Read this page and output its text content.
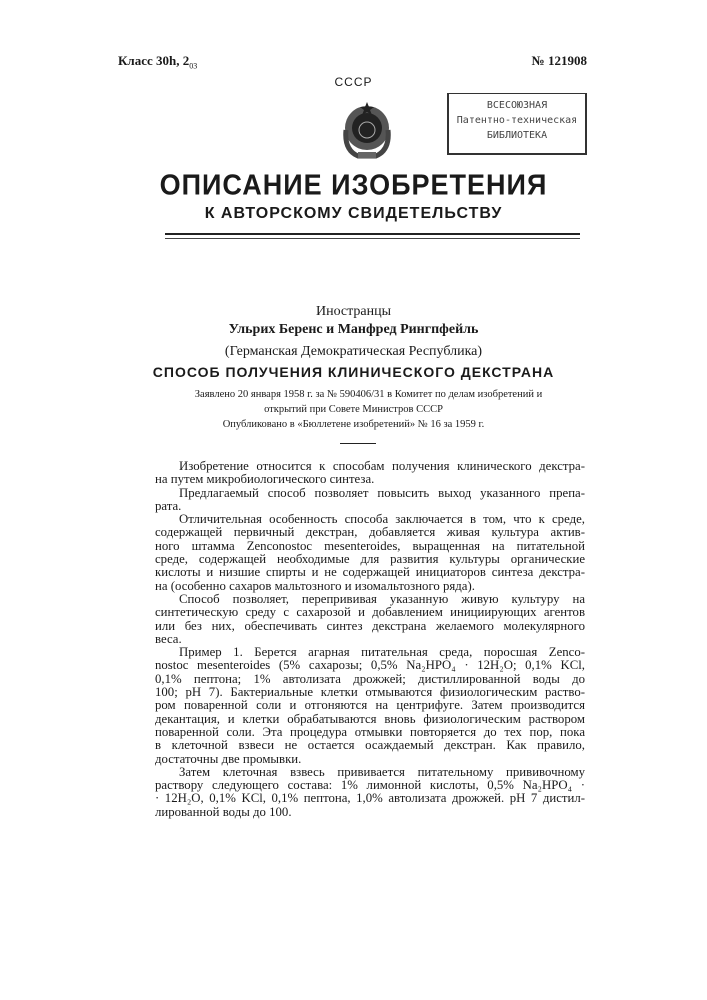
Класс 30h, 203	№ 121908
СССР
ВСЕСОЮЗНАЯ
Патентно-техническая
БИБЛИОТЕКА
ОПИСАНИЕ ИЗОБРЕТЕНИЯ
К АВТОРСКОМУ СВИДЕТЕЛЬСТВУ
Иностранцы
Ульрих Беренс и Манфред Рингпфейль
(Германская Демократическая Республика)
СПОСОБ ПОЛУЧЕНИЯ КЛИНИЧЕСКОГО ДЕКСТРАНА
Заявлено 20 января 1958 г. за № 590406/31 в Комитет по делам изобретений и
открытий при Совете Министров СССР
Опубликовано в «Бюллетене изобретений» № 16 за 1959 г.
Изобретение относится к способам получения клинического декстра-
на путем микробиологического синтеза.
Предлагаемый способ позволяет повысить выход указанного препа-
рата.
Отличительная особенность способа заключается в том, что к среде,
содержащей первичный декстран, добавляется живая культура актив-
ного штамма Zenconostoc mesenteroides, выращенная на питательной
среде, содержащей необходимые для развития культуры органические
кислоты и низшие спирты и не содержащей инициаторов синтеза декстра-
на (особенно сахаров мальтозного и изомальтозного ряда).
Способ позволяет, перепрививая указанную живую культуру на
синтетическую среду с сахарозой и добавлением инициирующих агентов
или без них, обеспечивать синтез декстрана желаемого молекулярного
веса.
Пример 1. Берется агарная питательная среда, поросшая Zenco-
nostoc mesenteroides (5% сахарозы; 0,5% Na₂HPO₄ · 12H₂O; 0,1% KCl,
0,1% пептона; 1% автолизата дрожжей; дистиллированной воды до
100; pH 7). Бактериальные клетки отмываются физиологическим раство-
ром поваренной соли и отгоняются на центрифуге. Затем производится
декантация, и клетки обрабатываются вновь физиологическим раствором
поваренной соли. Эта процедура отмывки повторяется до тех пор, пока
в клеточной взвеси не остается осаждаемый декстран. Как правило,
достаточны две промывки.
Затем клеточная взвесь прививается питательному прививочному
раствору следующего состава: 1% лимонной кислоты, 0,5% Na₂HPO₄ ·
· 12H₂O, 0,1% KCl, 0,1% пептона, 1,0% автолизата дрожжей. pH 7 дистил-
лированной воды до 100.
